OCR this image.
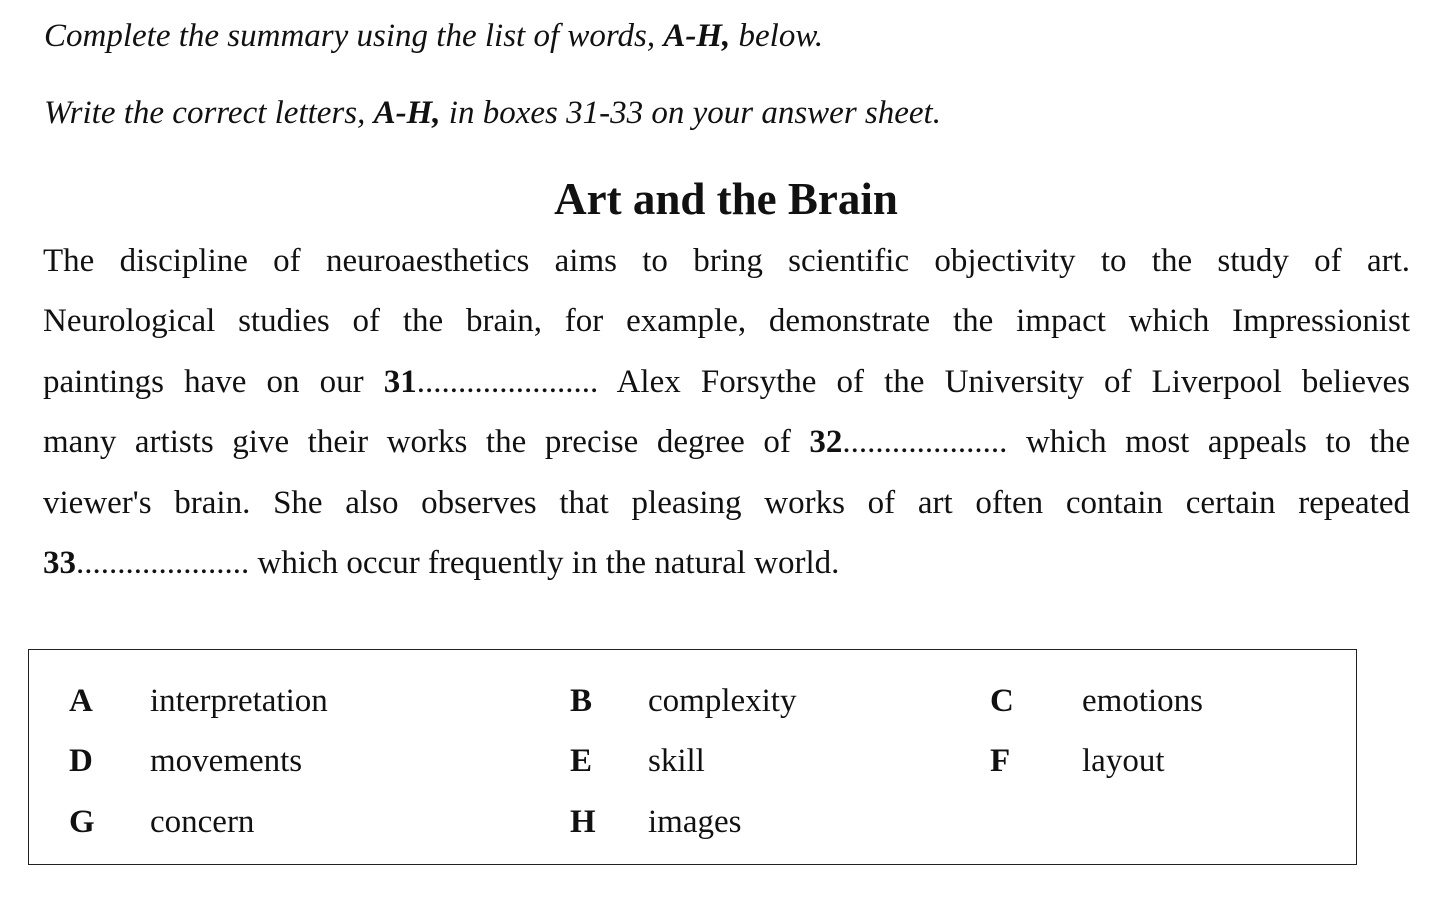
Complete the summary using the list of words, A-H, below.

Write the correct letters, A-H, in boxes 31-33 on your answer sheet.

Art and the Brain

The discipline of neuroaesthetics aims to bring scientific objectivity to the study of art.

Neurological studies of the brain, for example, demonstrate the impact which Impressionist

paintings have on our 31...................... Alex Forsythe of the University of Liverpool believes

many artists give their works the precise degree of 32.................... which most appeals to the

viewer's brain. She also observes that pleasing works of art often contain certain repeated

33..................... which occur frequently in the natural world.

A interpretation	B complexity	C emotions
D movements	E skill	F layout
G concern	H images
